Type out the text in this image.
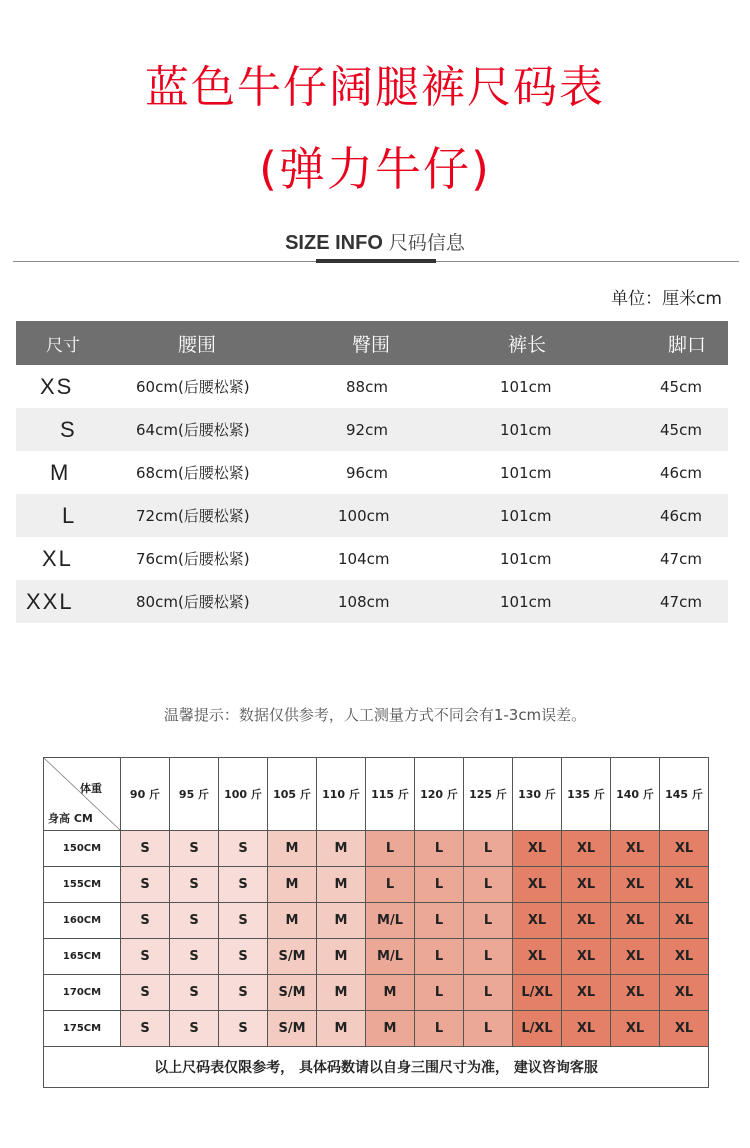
蓝色牛仔阔腿裤尺码表
(弹力牛仔)
SIZE INFO 尺码信息
单位：厘米cm
尺寸	腰围	臀围	裤长	脚口
XS	60cm(后腰松紧)	88cm	101cm	45cm
S	64cm(后腰松紧)	92cm	101cm	45cm
M	68cm(后腰松紧)	96cm	101cm	46cm
L	72cm(后腰松紧)	100cm	101cm	46cm
XL	76cm(后腰松紧)	104cm	101cm	47cm
XXL	80cm(后腰松紧)	108cm	101cm	47cm
温馨提示：数据仅供参考，人工测量方式不同会有1-3cm误差。
体重
身高 CM	90 斤	95 斤	100 斤	105 斤	110 斤	115 斤	120 斤	125 斤	130 斤	135 斤	140 斤	145 斤
150CM	S	S	S	M	M	L	L	L	XL	XL	XL	XL
155CM	S	S	S	M	M	L	L	L	XL	XL	XL	XL
160CM	S	S	S	M	M	M/L	L	L	XL	XL	XL	XL
165CM	S	S	S	S/M	M	M/L	L	L	XL	XL	XL	XL
170CM	S	S	S	S/M	M	M	L	L	L/XL	XL	XL	XL
175CM	S	S	S	S/M	M	M	L	L	L/XL	XL	XL	XL
以上尺码表仅限参考， 具体码数请以自身三围尺寸为准， 建议咨询客服												
